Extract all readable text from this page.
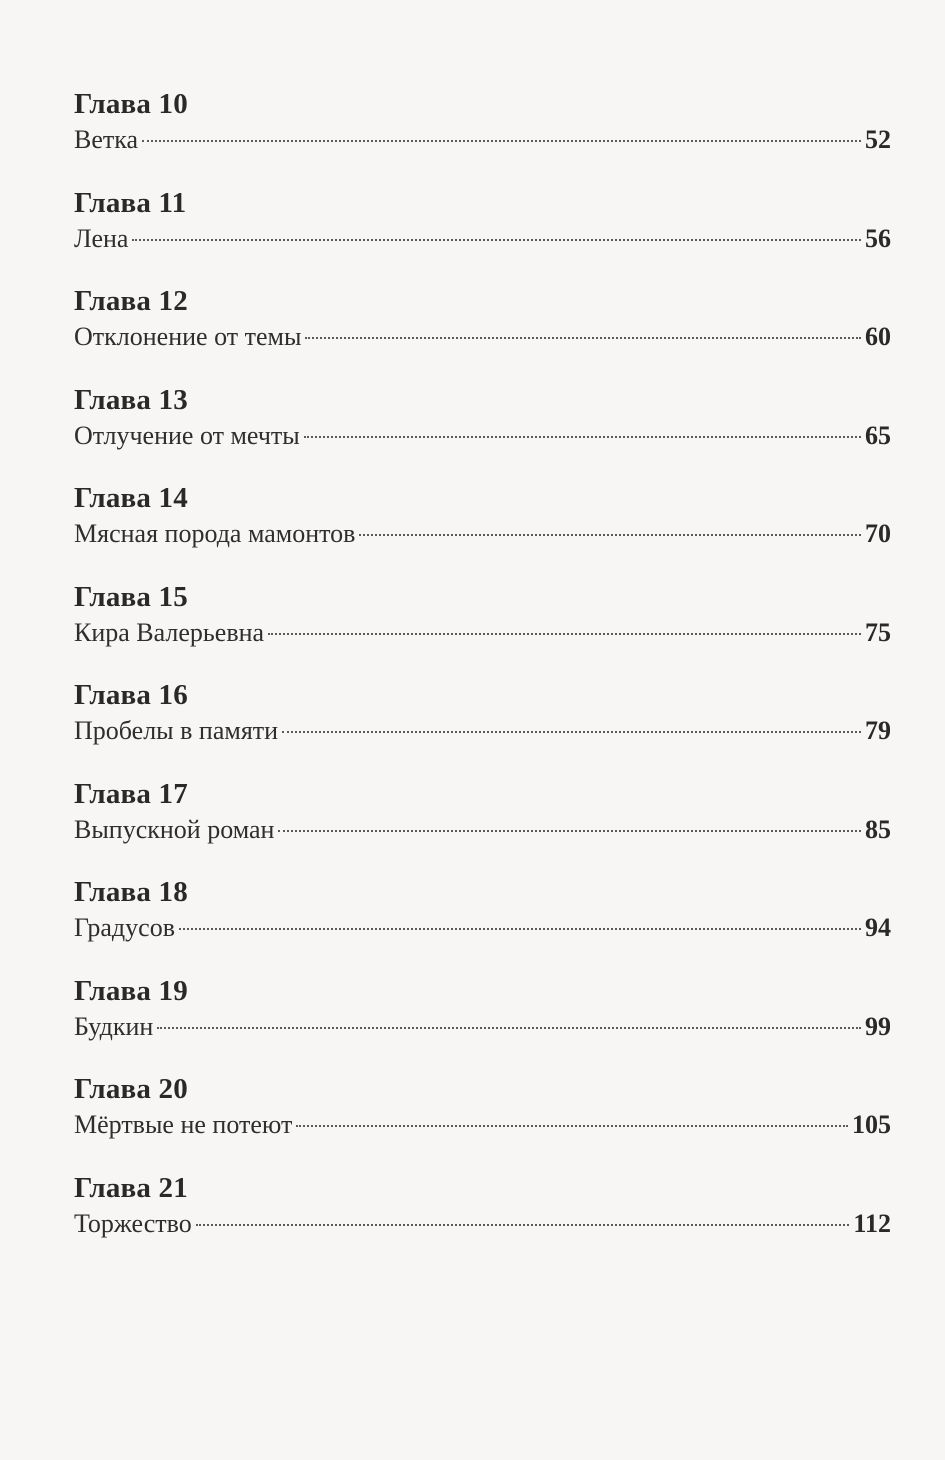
Глава 10
Ветка	52
Глава 11
Лена	56
Глава 12
Отклонение от темы	60
Глава 13
Отлучение от мечты	65
Глава 14
Мясная порода мамонтов	70
Глава 15
Кира Валерьевна	75
Глава 16
Пробелы в памяти	79
Глава 17
Выпускной роман	85
Глава 18
Градусов	94
Глава 19
Будкин	99
Глава 20
Мёртвые не потеют	105
Глава 21
Торжество	112
